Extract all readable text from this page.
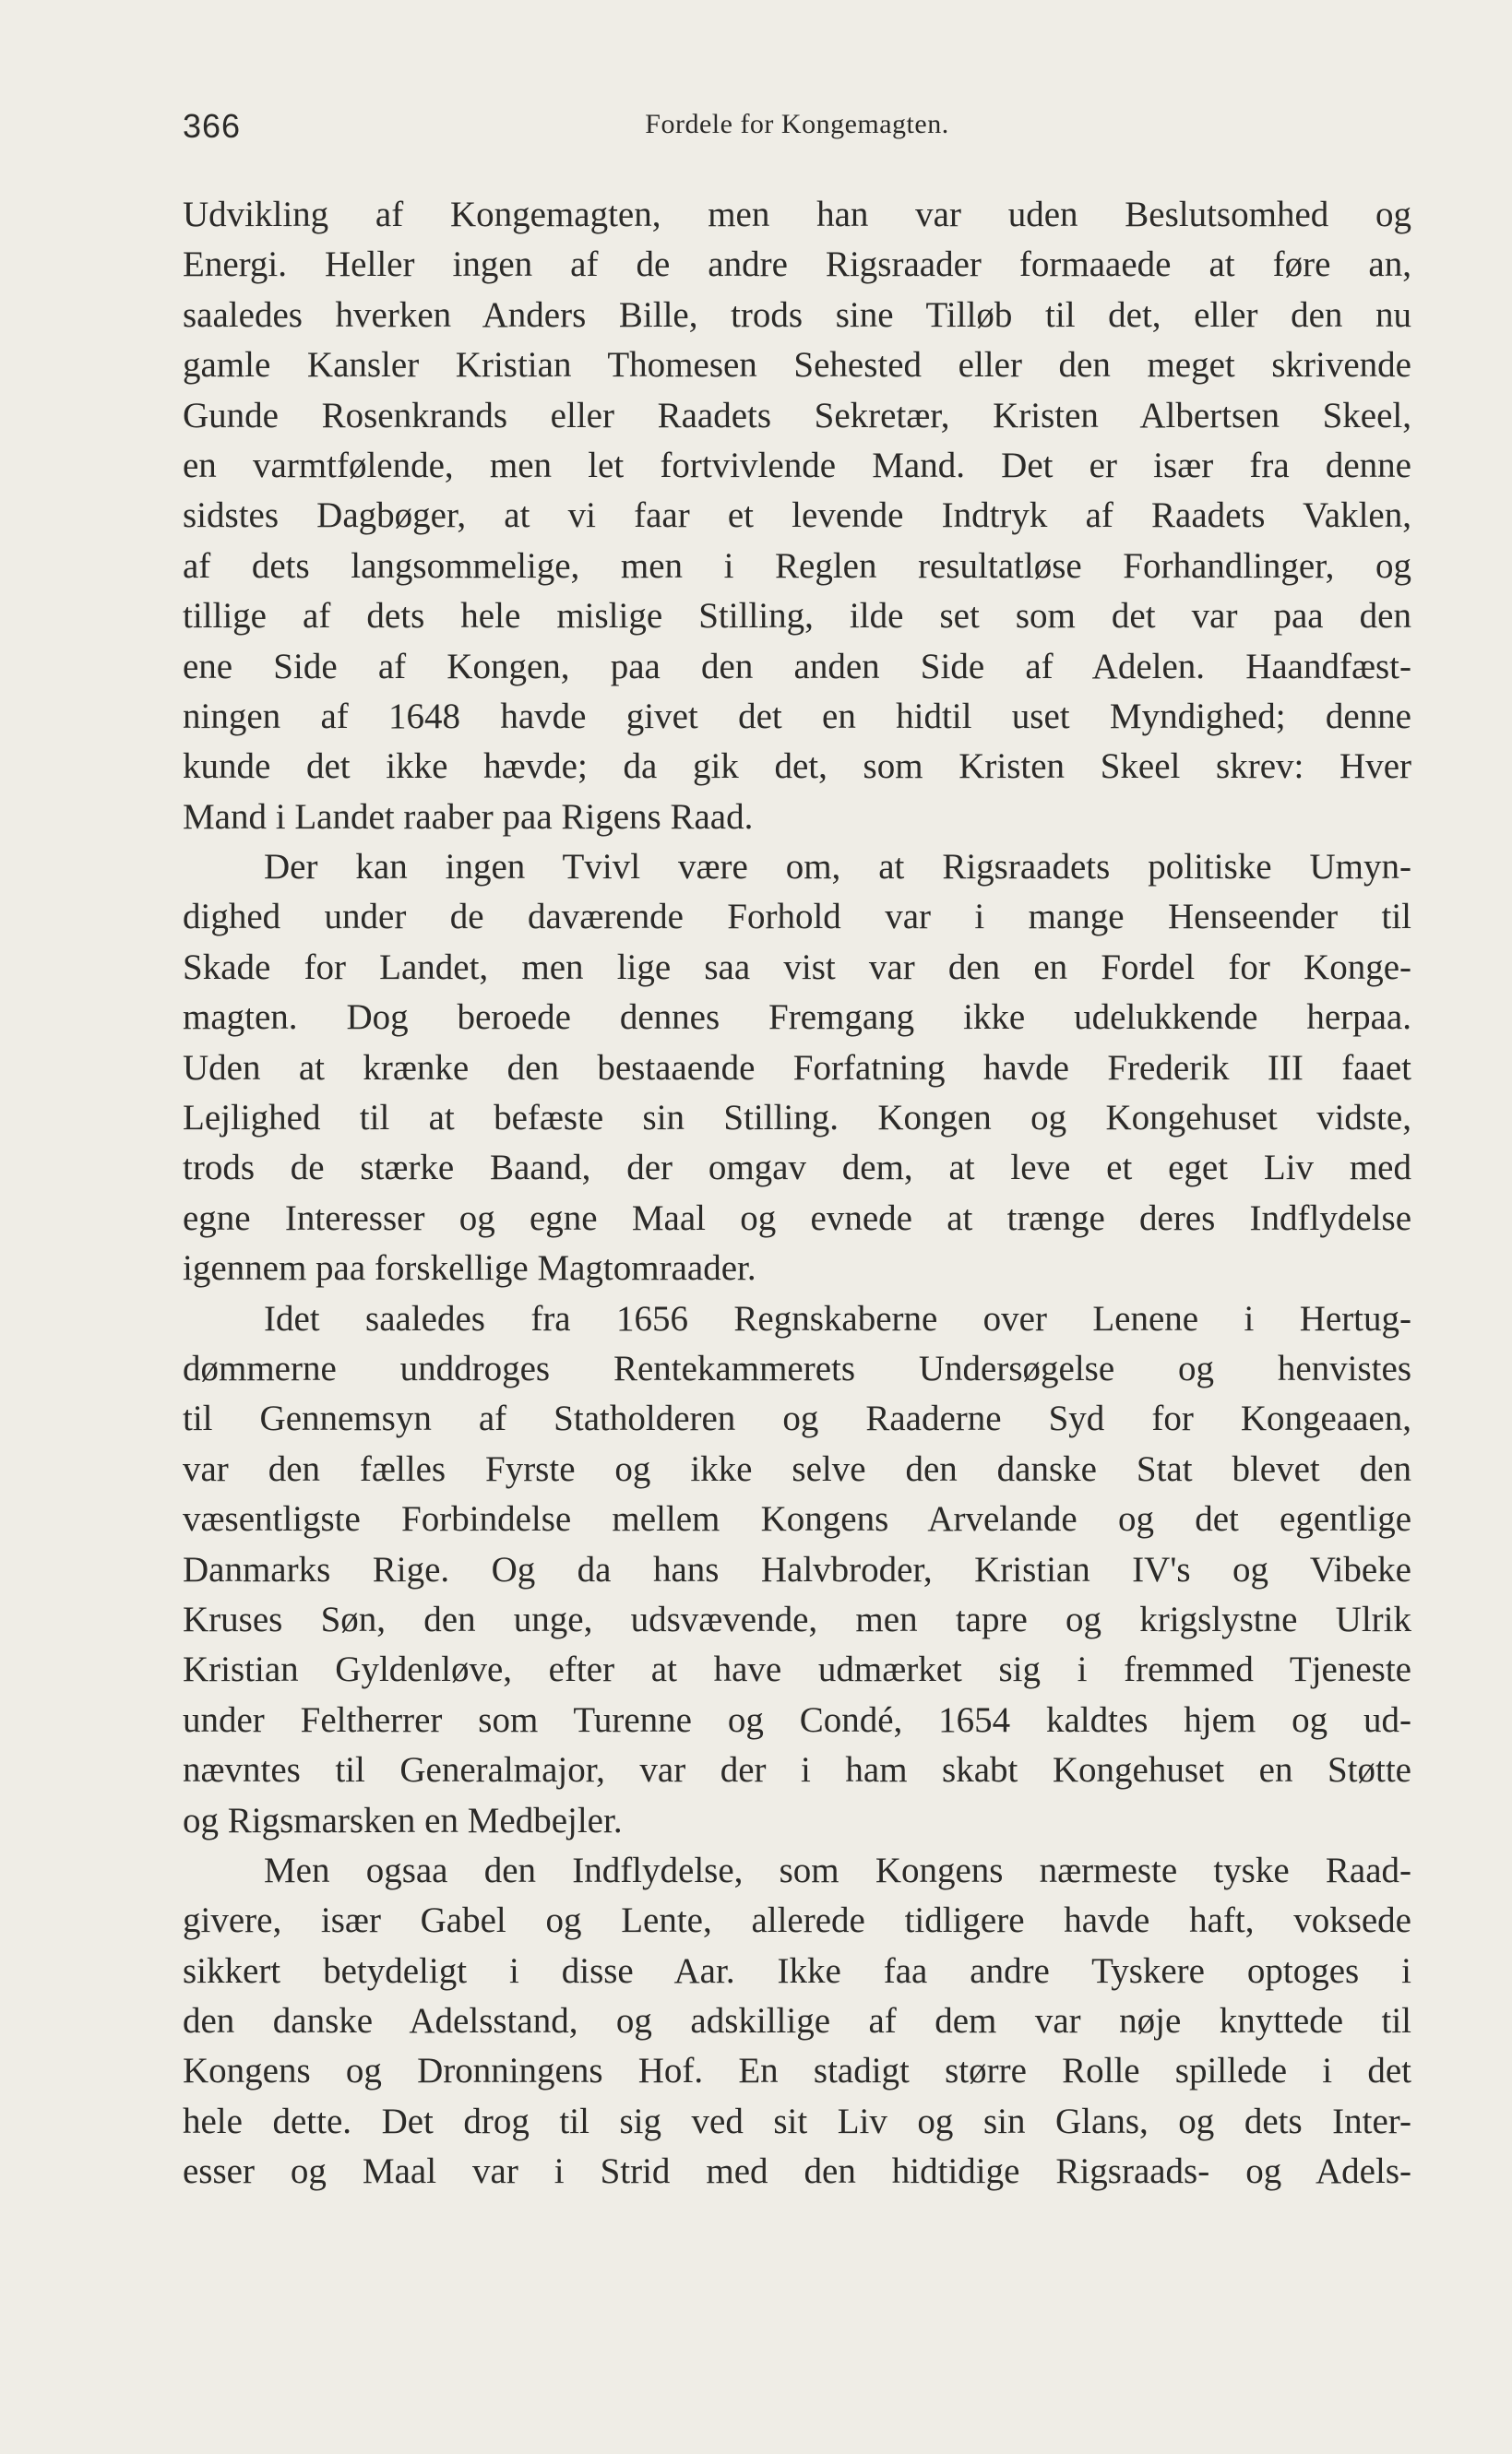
366	Fordele for Kongemagten.

Udvikling af Kongemagten, men han var uden Beslutsomhed og
Energi. Heller ingen af de andre Rigsraader formaaede at føre an,
saaledes hverken Anders Bille, trods sine Tilløb til det, eller den nu
gamle Kansler Kristian Thomesen Sehested eller den meget skrivende
Gunde Rosenkrands eller Raadets Sekretær, Kristen Albertsen Skeel,
en varmtfølende, men let fortvivlende Mand. Det er især fra denne
sidstes Dagbøger, at vi faar et levende Indtryk af Raadets Vaklen,
af dets langsommelige, men i Reglen resultatløse Forhandlinger, og
tillige af dets hele mislige Stilling, ilde set som det var paa den
ene Side af Kongen, paa den anden Side af Adelen. Haandfæst-
ningen af 1648 havde givet det en hidtil uset Myndighed; denne
kunde det ikke hævde; da gik det, som Kristen Skeel skrev: Hver
Mand i Landet raaber paa Rigens Raad.

Der kan ingen Tvivl være om, at Rigsraadets politiske Umyn-
dighed under de daværende Forhold var i mange Henseender til
Skade for Landet, men lige saa vist var den en Fordel for Konge-
magten. Dog beroede dennes Fremgang ikke udelukkende herpaa.
Uden at krænke den bestaaende Forfatning havde Frederik III faaet
Lejlighed til at befæste sin Stilling. Kongen og Kongehuset vidste,
trods de stærke Baand, der omgav dem, at leve et eget Liv med
egne Interesser og egne Maal og evnede at trænge deres Indflydelse
igennem paa forskellige Magtomraader.

Idet saaledes fra 1656 Regnskaberne over Lenene i Hertug-
dømmerne unddroges Rentekammerets Undersøgelse og henvistes
til Gennemsyn af Statholderen og Raaderne Syd for Kongeaaen,
var den fælles Fyrste og ikke selve den danske Stat blevet den
væsentligste Forbindelse mellem Kongens Arvelande og det egentlige
Danmarks Rige. Og da hans Halvbroder, Kristian IV's og Vibeke
Kruses Søn, den unge, udsvævende, men tapre og krigslystne Ulrik
Kristian Gyldenløve, efter at have udmærket sig i fremmed Tjeneste
under Feltherrer som Turenne og Condé, 1654 kaldtes hjem og ud-
nævntes til Generalmajor, var der i ham skabt Kongehuset en Støtte
og Rigsmarsken en Medbejler.

Men ogsaa den Indflydelse, som Kongens nærmeste tyske Raad-
givere, især Gabel og Lente, allerede tidligere havde haft, voksede
sikkert betydeligt i disse Aar. Ikke faa andre Tyskere optoges i
den danske Adelsstand, og adskillige af dem var nøje knyttede til
Kongens og Dronningens Hof. En stadigt større Rolle spillede i det
hele dette. Det drog til sig ved sit Liv og sin Glans, og dets Inter-
esser og Maal var i Strid med den hidtidige Rigsraads- og Adels-
